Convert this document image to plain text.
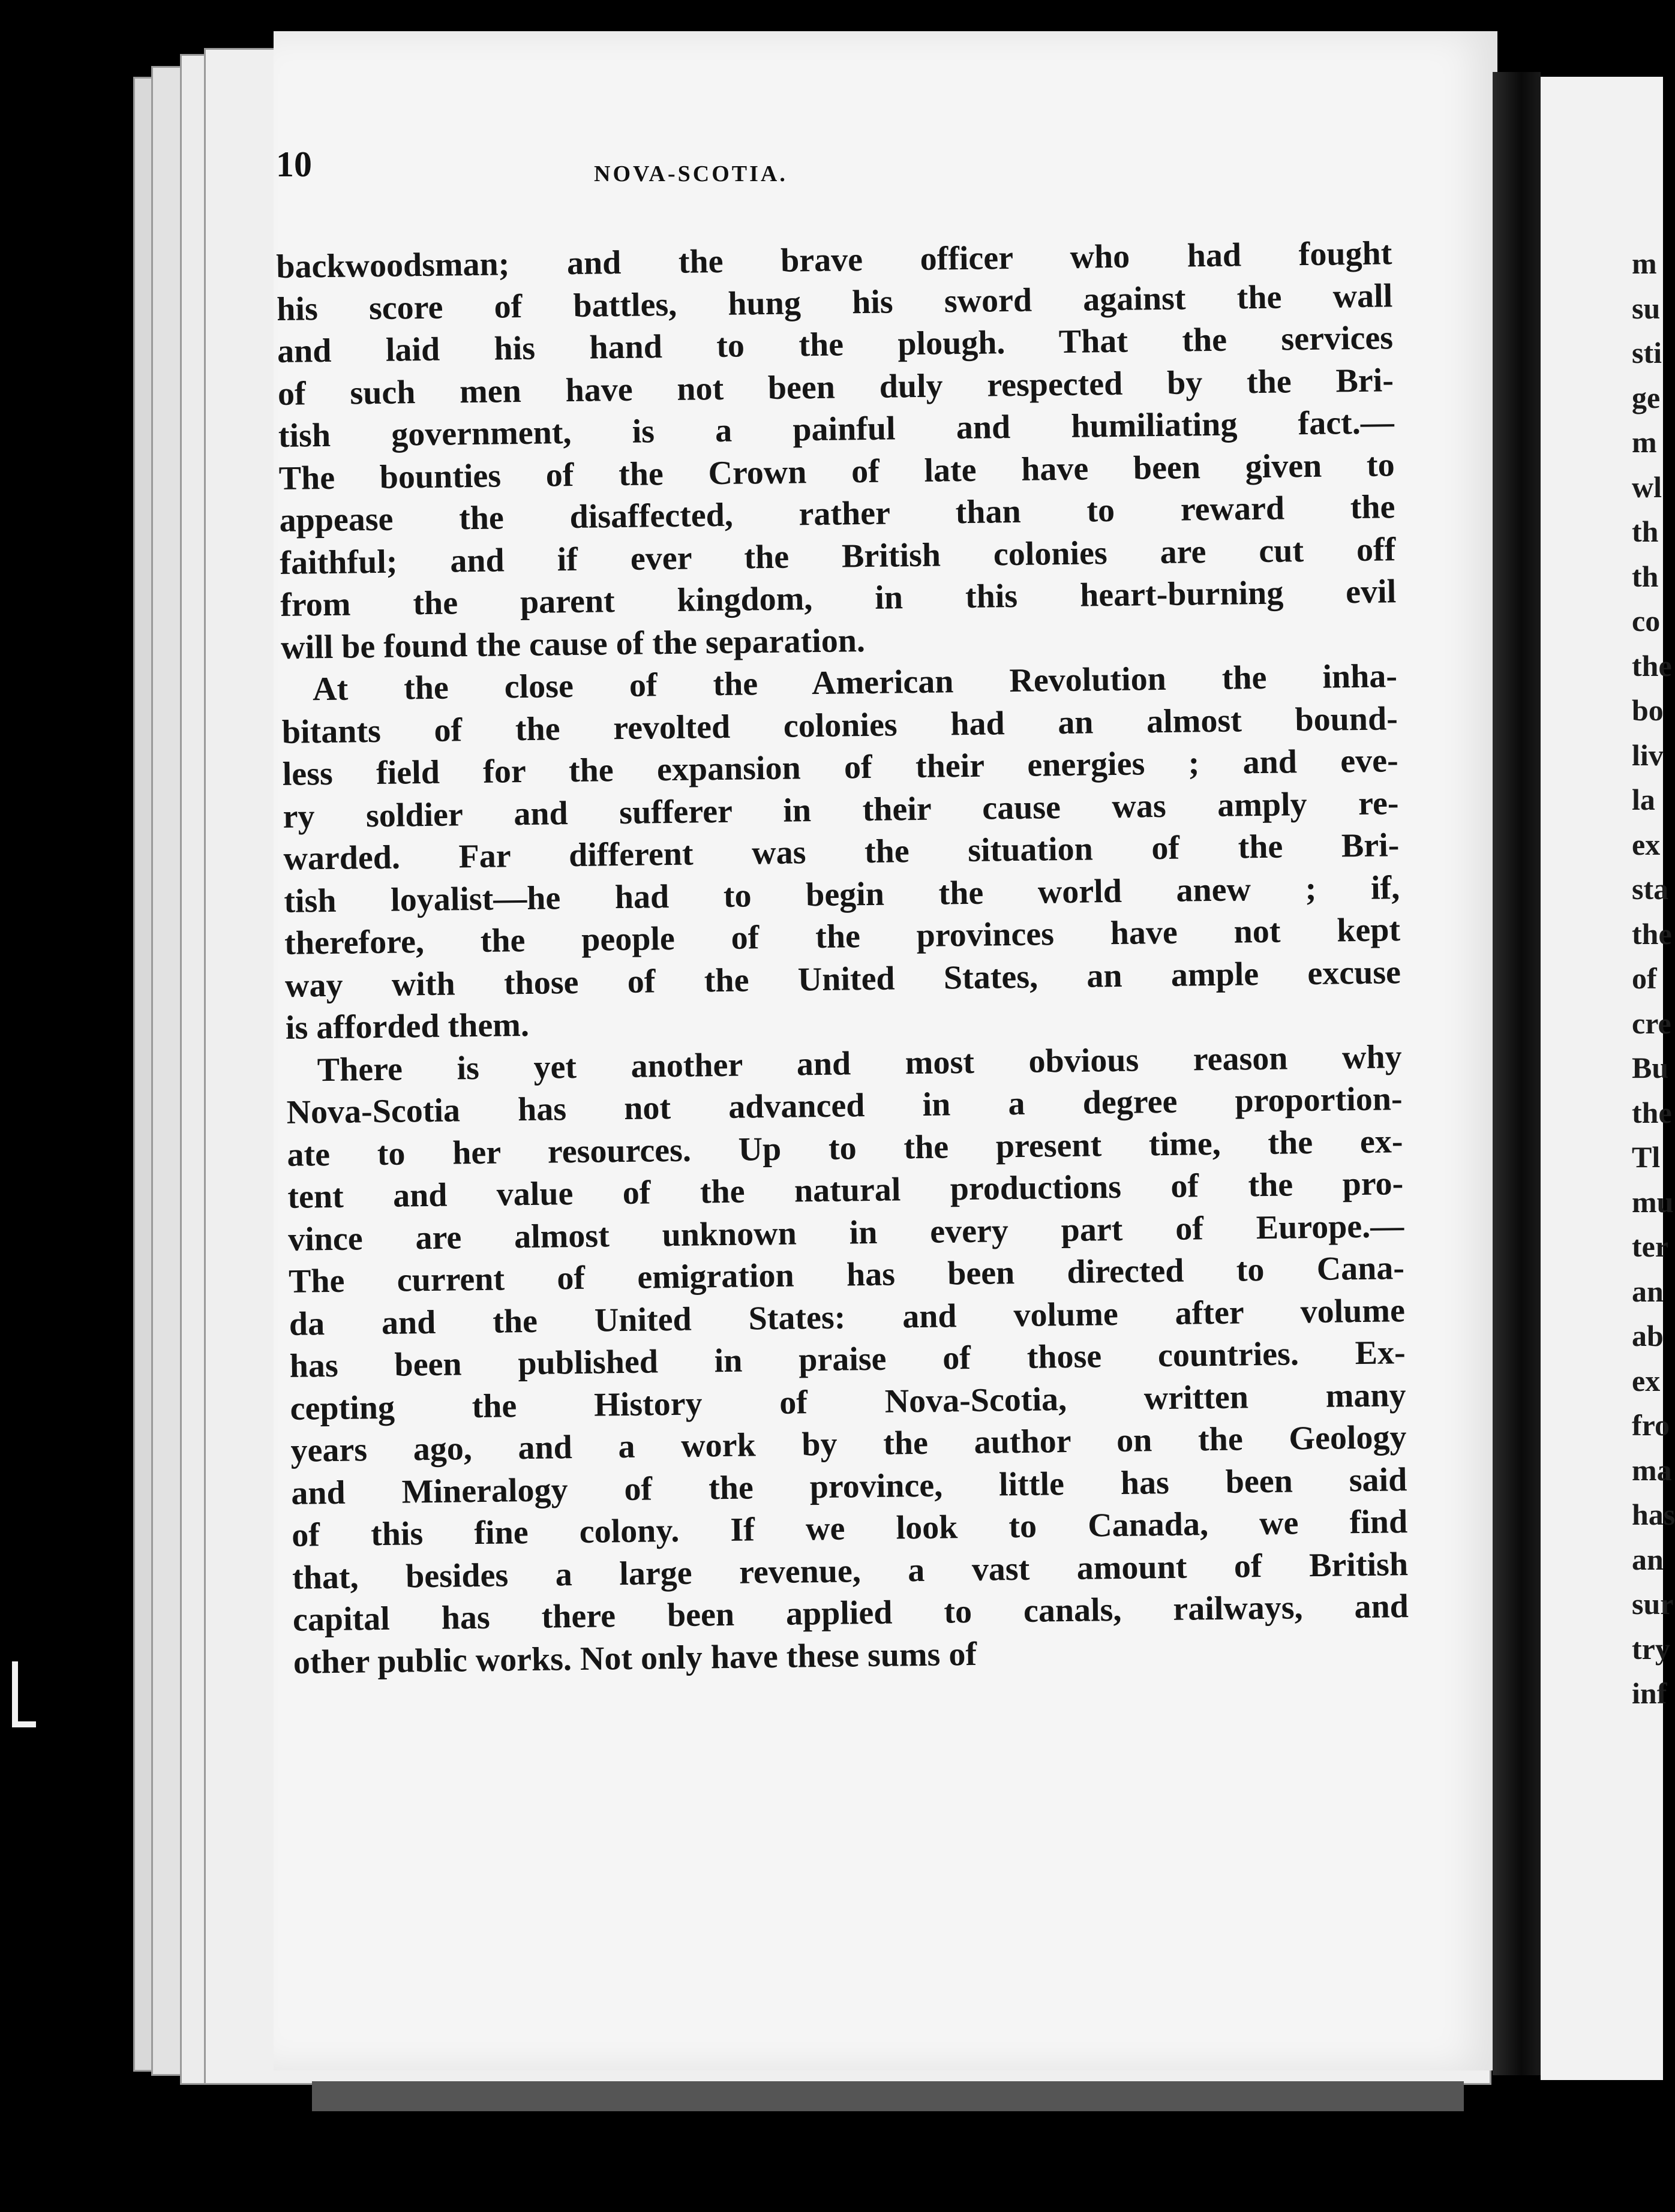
10	NOVA-SCOTIA.
backwoodsman; and the brave officer who had fought
his score of battles, hung his sword against the wall
and laid his hand to the plough. That the services
of such men have not been duly respected by the Bri-
tish government, is a painful and humiliating fact.—
The bounties of the Crown of late have been given to
appease the disaffected, rather than to reward the
faithful; and if ever the British colonies are cut off
from the parent kingdom, in this heart-burning evil
will be found the cause of the separation.
At the close of the American Revolution the inha-
bitants of the revolted colonies had an almost bound-
less field for the expansion of their energies ; and eve-
ry soldier and sufferer in their cause was amply re-
warded. Far different was the situation of the Bri-
tish loyalist—he had to begin the world anew ; if,
therefore, the people of the provinces have not kept
way with those of the United States, an ample excuse
is afforded them.
There is yet another and most obvious reason why
Nova-Scotia has not advanced in a degree proportion-
ate to her resources. Up to the present time, the ex-
tent and value of the natural productions of the pro-
vince are almost unknown in every part of Europe.—
The current of emigration has been directed to Cana-
da and the United States: and volume after volume
has been published in praise of those countries. Ex-
cepting the History of Nova-Scotia, written many
years ago, and a work by the author on the Geology
and Mineralogy of the province, little has been said
of this fine colony. If we look to Canada, we find
that, besides a large revenue, a vast amount of British
capital has there been applied to canals, railways, and
other public works. Not only have these sums of

m

su

sti

ge

m

wl

th

th

co

the

bo

liv

la

ex

sta

the

of

cre

Bu

the

Tl

mu

ter

an

ab

ex

fro

ma

has

an

sur

try

inf
